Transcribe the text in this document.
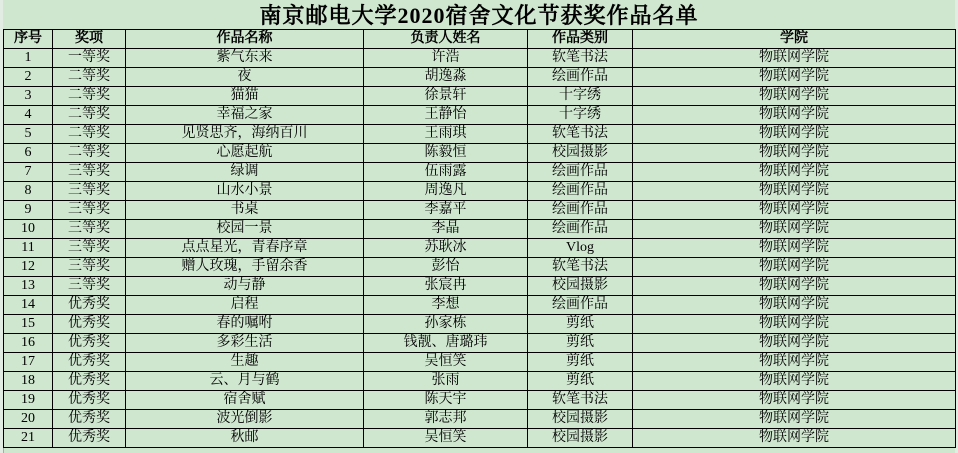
南京邮电大学2020宿舍文化节获奖作品名单
序号	奖项	作品名称	负责人姓名	作品类别	学院
1	一等奖	紫气东来	许浩	软笔书法	物联网学院
2	二等奖	夜	胡逸淼	绘画作品	物联网学院
3	二等奖	猫猫	徐景轩	十字绣	物联网学院
4	二等奖	幸福之家	王静怡	十字绣	物联网学院
5	二等奖	见贤思齐，海纳百川	王雨琪	软笔书法	物联网学院
6	二等奖	心愿起航	陈毅恒	校园摄影	物联网学院
7	三等奖	绿调	伍雨露	绘画作品	物联网学院
8	三等奖	山水小景	周逸凡	绘画作品	物联网学院
9	三等奖	书桌	李嘉平	绘画作品	物联网学院
10	三等奖	校园一景	李晶	绘画作品	物联网学院
11	三等奖	点点星光，青春序章	苏耿冰	Vlog	物联网学院
12	三等奖	赠人玫瑰，手留余香	彭怡	软笔书法	物联网学院
13	三等奖	动与静	张宸冉	校园摄影	物联网学院
14	优秀奖	启程	李想	绘画作品	物联网学院
15	优秀奖	春的嘱咐	孙家栋	剪纸	物联网学院
16	优秀奖	多彩生活	钱靓、唐璐玮	剪纸	物联网学院
17	优秀奖	生趣	吴恒笑	剪纸	物联网学院
18	优秀奖	云、月与鹤	张雨	剪纸	物联网学院
19	优秀奖	宿舍赋	陈天宇	软笔书法	物联网学院
20	优秀奖	波光倒影	郭志邦	校园摄影	物联网学院
21	优秀奖	秋邮	吴恒笑	校园摄影	物联网学院
